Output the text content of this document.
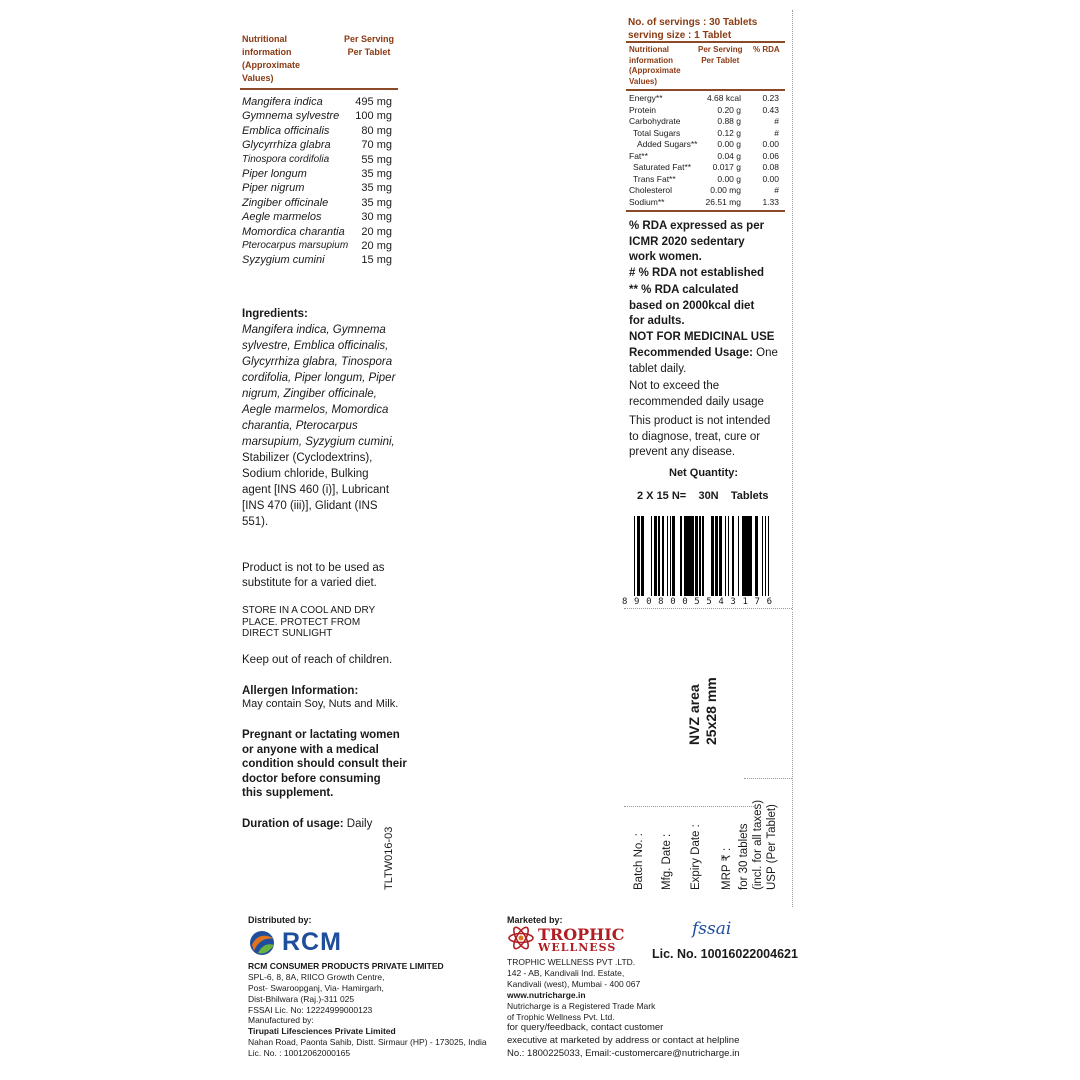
Nutritional
information
(Approximate
Values)
Per Serving
Per Tablet
Mangifera indica	495 mg
Gymnema sylvestre 100 mg
Emblica officinalis	80 mg
Glycyrrhiza glabra	70 mg
Tinospora cordifolia	55 mg
Piper longum	35 mg
Piper nigrum	35 mg
Zingiber officinale	35 mg
Aegle marmelos	30 mg
Momordica charantia 20 mg
Pterocarpus marsupium 20 mg
Syzygium cumini	15 mg
Ingredients:
Mangifera indica, Gymnema
sylvestre, Emblica officinalis,
Glycyrrhiza glabra, Tinospora
cordifolia, Piper longum, Piper
nigrum, Zingiber officinale,
Aegle marmelos, Momordica
charantia, Pterocarpus
marsupium, Syzygium cumini,
Stabilizer (Cyclodextrins),
Sodium chloride, Bulking
agent [INS 460 (i)], Lubricant
[INS 470 (iii)], Glidant (INS
551).
Product is not to be used as
substitute for a varied diet.
STORE IN A COOL AND DRY
PLACE. PROTECT FROM
DIRECT SUNLIGHT
Keep out of reach of children.
Allergen Information:
May contain Soy, Nuts and Milk.
Pregnant or lactating women
or anyone with a medical
condition should consult their
doctor before consuming
this supplement.
Duration of usage: Daily
TLTW016-03
No. of servings : 30 Tablets
serving size : 1 Tablet
Nutritional
information
(Approximate
Values)
Per Serving
Per Tablet
% RDA
Energy**	4.68 kcal	0.23
Protein	0.20 g	0.43
Carbohydrate	0.88 g	#
Total Sugars	0.12 g	#
Added Sugars** 0.00 g	0.00
Fat**	0.04 g	0.06
Saturated Fat**	0.017 g	0.08
Trans Fat**	0.00 g	0.00
Cholesterol	0.00 mg	#
Sodium**	26.51 mg	1.33
% RDA expressed as per
ICMR 2020 sedentary
work women.
# % RDA not established
** % RDA calculated
based on 2000kcal diet
for adults.
NOT FOR MEDICINAL USE
Recommended Usage: One
tablet daily.
Not to exceed the
recommended daily usage
This product is not intended
to diagnose, treat, cure or
prevent any disease.
Net Quantity:
2 X 15 N=    30N    Tablets
8 9 0 8 0 0 5 5 4 3 1 7 6
NVZ area 25x28 mm
Batch No. : Mfg. Date : Expiry Date : MRP ₹ : for 30 tablets (incl. for all taxes) USP (Per Tablet)
Distributed by:
RCM
RCM CONSUMER PRODUCTS PRIVATE LIMITED
SPL-6, 8, 8A, RIICO Growth Centre,
Post- Swaroopganj, Via- Hamirgarh,
Dist-Bhilwara (Raj.)-311 025
FSSAI Lic. No: 12224999000123
Manufactured by:
Tirupati Lifesciences Private Limited
Nahan Road, Paonta Sahib, Distt. Sirmaur (HP) - 173025, India
Lic. No. : 10012062000165
Marketed by:
TROPHIC
WELLNESS
fssai
Lic. No. 10016022004621
TROPHIC WELLNESS PVT .LTD.
142 - AB, Kandivali Ind. Estate,
Kandivali (west), Mumbai - 400 067
www.nutricharge.in
Nutricharge is a Registered Trade Mark
of Trophic Wellness Pvt. Ltd.
for query/feedback, contact customer
executive at marketed by address or contact at helpline
No.: 1800225033, Email:-customercare@nutricharge.in
